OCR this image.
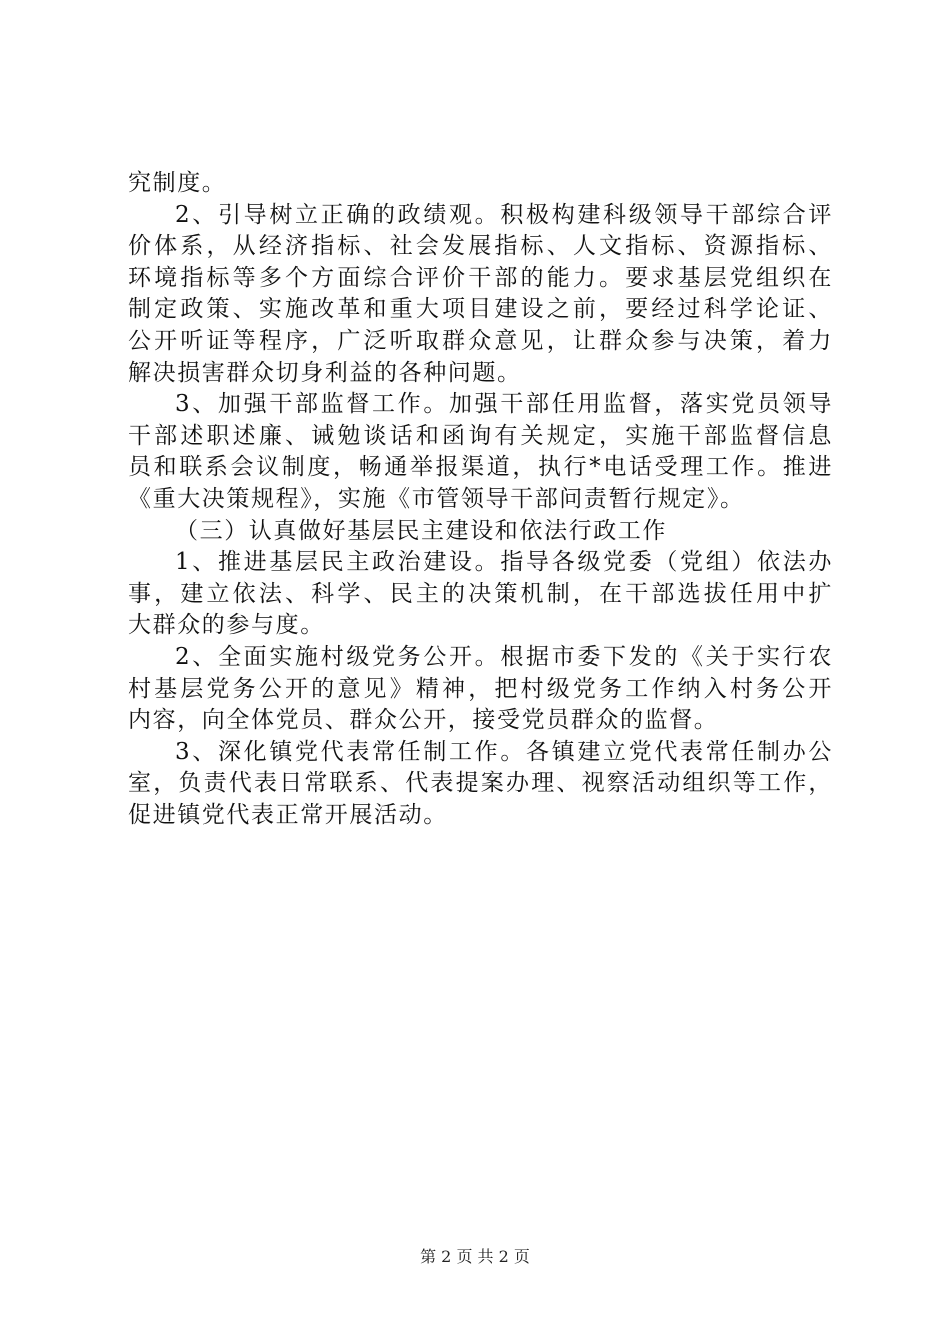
究制度。
2、引导树立正确的政绩观。积极构建科级领导干部综合评
价体系，从经济指标、社会发展指标、人文指标、资源指标、
环境指标等多个方面综合评价干部的能力。要求基层党组织在
制定政策、实施改革和重大项目建设之前，要经过科学论证、
公开听证等程序，广泛听取群众意见，让群众参与决策，着力
解决损害群众切身利益的各种问题。
3、加强干部监督工作。加强干部任用监督，落实党员领导
干部述职述廉、诫勉谈话和函询有关规定，实施干部监督信息
员和联系会议制度，畅通举报渠道，执行*电话受理工作。推进
《重大决策规程》，实施《市管领导干部问责暂行规定》。
（三）认真做好基层民主建设和依法行政工作
1、推进基层民主政治建设。指导各级党委（党组）依法办
事，建立依法、科学、民主的决策机制，在干部选拔任用中扩
大群众的参与度。
2、全面实施村级党务公开。根据市委下发的《关于实行农
村基层党务公开的意见》精神，把村级党务工作纳入村务公开
内容，向全体党员、群众公开，接受党员群众的监督。
3、深化镇党代表常任制工作。各镇建立党代表常任制办公
室，负责代表日常联系、代表提案办理、视察活动组织等工作，
促进镇党代表正常开展活动。
第 2 页 共 2 页
